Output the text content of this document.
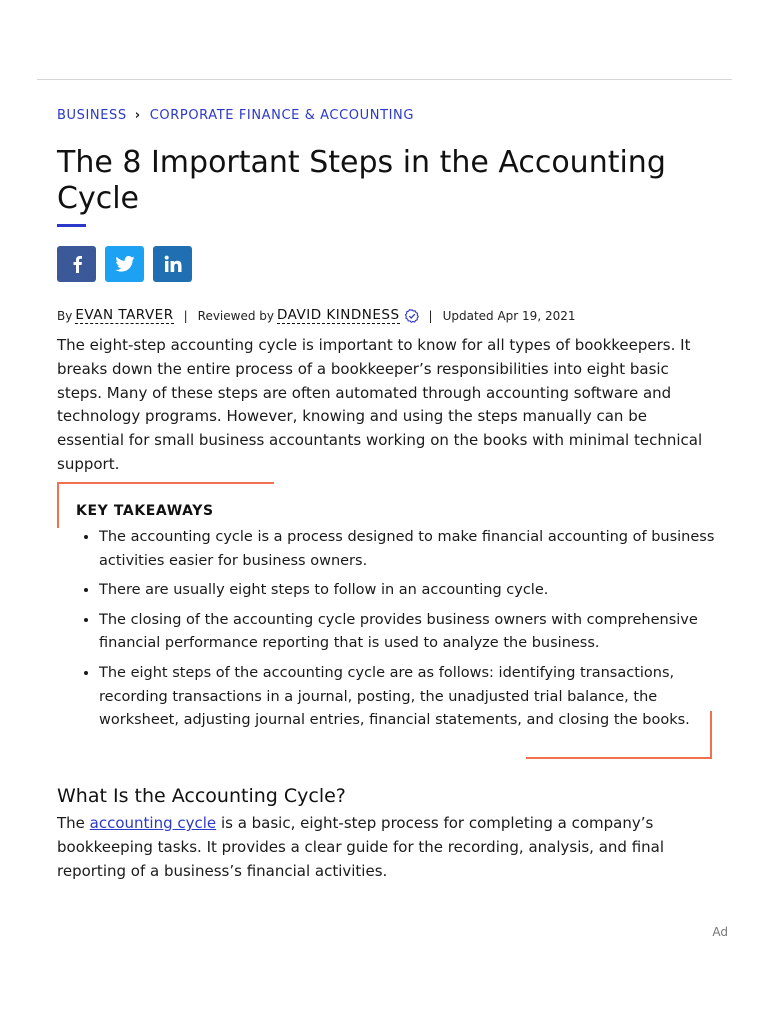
BUSINESS › CORPORATE FINANCE & ACCOUNTING
The 8 Important Steps in the Accounting Cycle
By EVAN TARVER | Reviewed by DAVID KINDNESS | Updated Apr 19, 2021

The eight-step accounting cycle is important to know for all types of bookkeepers. It breaks down the entire process of a bookkeeper’s responsibilities into eight basic steps. Many of these steps are often automated through accounting software and technology programs. However, knowing and using the steps manually can be essential for small business accountants working on the books with minimal technical support.

KEY TAKEAWAYS
• The accounting cycle is a process designed to make financial accounting of business activities easier for business owners.
• There are usually eight steps to follow in an accounting cycle.
• The closing of the accounting cycle provides business owners with comprehensive financial performance reporting that is used to analyze the business.
• The eight steps of the accounting cycle are as follows: identifying transactions, recording transactions in a journal, posting, the unadjusted trial balance, the worksheet, adjusting journal entries, financial statements, and closing the books.
What Is the Accounting Cycle?

The accounting cycle is a basic, eight-step process for completing a company’s bookkeeping tasks. It provides a clear guide for the recording, analysis, and final reporting of a business’s financial activities.

Ad
